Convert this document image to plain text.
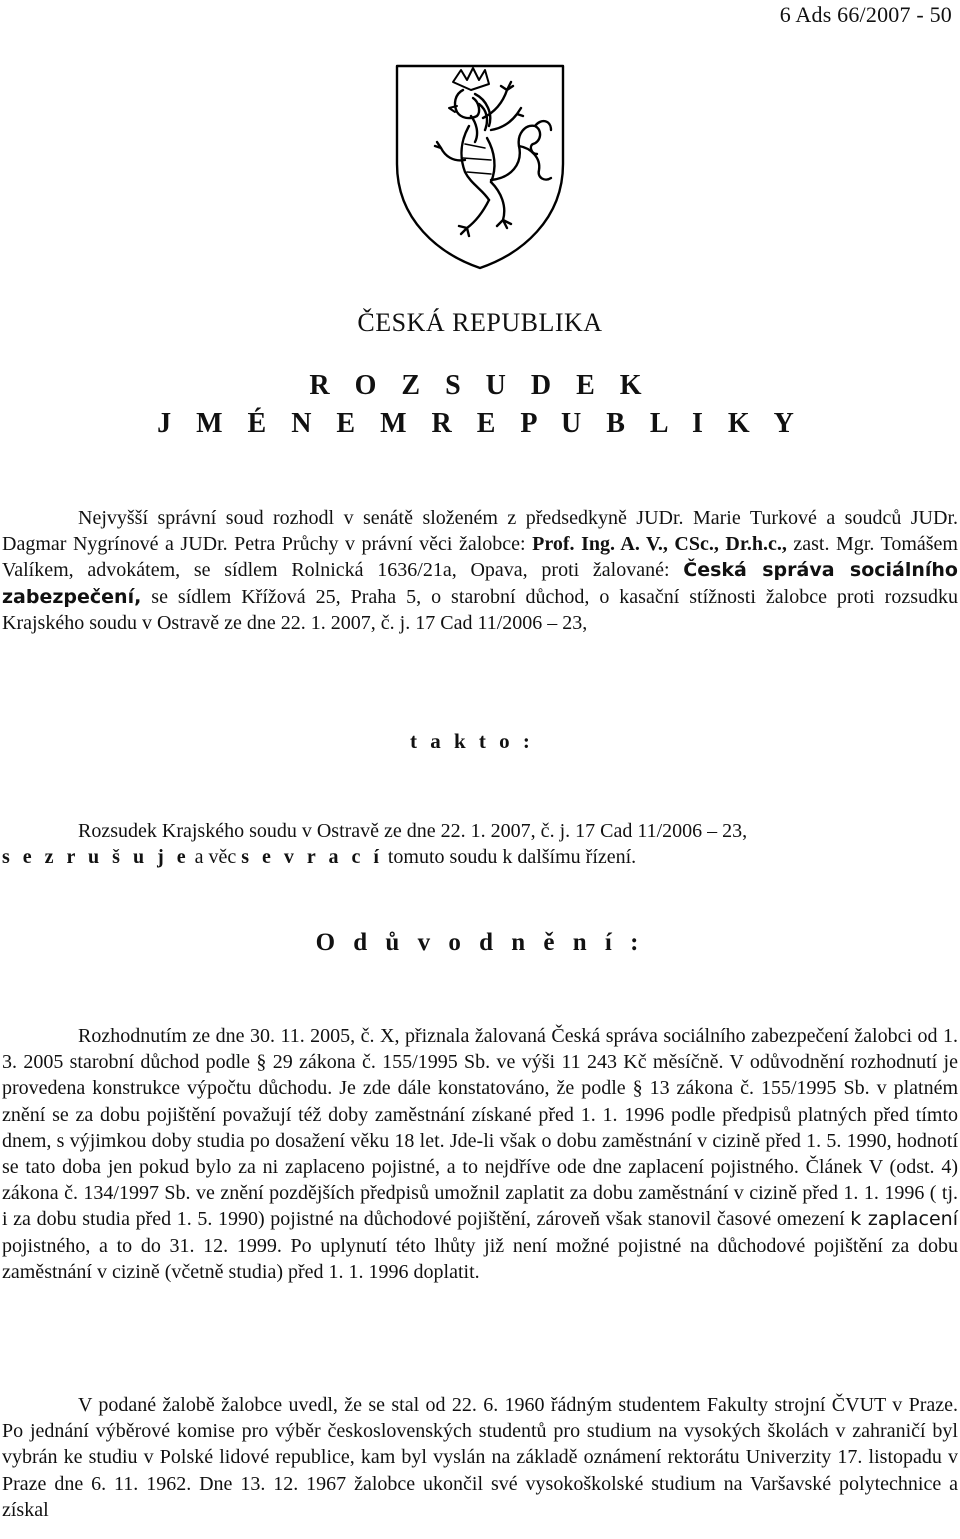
6 Ads 66/2007 - 50
ČESKÁ REPUBLIKA
R O Z S U D E K
J M É N E M R E P U B L I K Y
Nejvyšší správní soud rozhodl v senátě složeném z předsedkyně JUDr. Marie Turkové a soudců JUDr. Dagmar Nygrínové a JUDr. Petra Průchy v právní věci žalobce: Prof. Ing. A. V., CSc., Dr.h.c., zast. Mgr. Tomášem Valíkem, advokátem, se sídlem Rolnická 1636/21a, Opava, proti žalované: Česká správa sociálního zabezpečení, se sídlem Křížová 25, Praha 5, o starobní důchod, o kasační stížnosti žalobce proti rozsudku Krajského soudu v Ostravě ze dne 22. 1. 2007, č. j. 17 Cad 11/2006 – 23,
t a k t o :
Rozsudek Krajského soudu v Ostravě ze dne 22. 1. 2007, č. j. 17 Cad 11/2006 – 23,s e z r u š u j e a věc s e v r a c í tomuto soudu k dalšímu řízení.
O d ů v o d n ě n í :
Rozhodnutím ze dne 30. 11. 2005, č. X, přiznala žalovaná Česká správa sociálního zabezpečení žalobci od 1. 3. 2005 starobní důchod podle § 29 zákona č. 155/1995 Sb. ve výši 11 243 Kč měsíčně. V odůvodnění rozhodnutí je provedena konstrukce výpočtu důchodu. Je zde dále konstatováno, že podle § 13 zákona č. 155/1995 Sb. v platném znění se za dobu pojištění považují též doby zaměstnání získané před 1. 1. 1996 podle předpisů platných před tímto dnem, s výjimkou doby studia po dosažení věku 18 let. Jde-li však o dobu zaměstnání v cizině před 1. 5. 1990, hodnotí se tato doba jen pokud bylo za ni zaplaceno pojistné, a to nejdříve ode dne zaplacení pojistného. Článek V (odst. 4) zákona č. 134/1997 Sb. ve znění pozdějších předpisů umožnil zaplatit za dobu zaměstnání v cizině před 1. 1. 1996 ( tj. i za dobu studia před 1. 5. 1990) pojistné na důchodové pojištění, zároveň však stanovil časové omezení k zaplacení pojistného, a to do 31. 12. 1999. Po uplynutí této lhůty již není možné pojistné na důchodové pojištění za dobu zaměstnání v cizině (včetně studia) před 1. 1. 1996 doplatit.
V podané žalobě žalobce uvedl, že se stal od 22. 6. 1960 řádným studentem Fakulty strojní ČVUT v Praze. Po jednání výběrové komise pro výběr československých studentů pro studium na vysokých školách v zahraničí byl vybrán ke studiu v Polské lidové republice, kam byl vyslán na základě oznámení rektorátu Univerzity 17. listopadu v Praze dne 6. 11. 1962. Dne 13. 12. 1967 žalobce ukončil své vysokoškolské studium na Varšavské polytechnice a získal
